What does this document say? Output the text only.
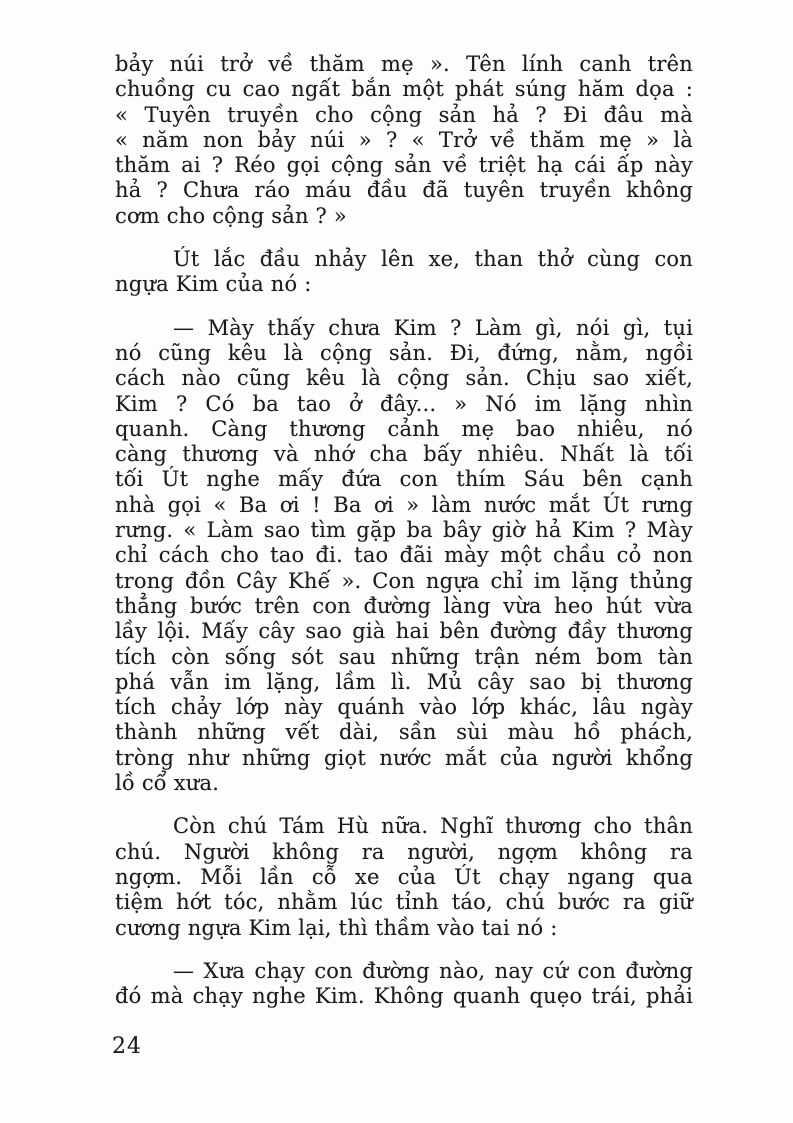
bảy núi trở về thăm mẹ ». Tên lính canh trên
chuồng cu cao ngất bắn một phát súng hăm dọa :
« Tuyên truyền cho cộng sản hả ? Đi đâu mà
« năm non bảy núi » ? « Trở về thăm mẹ » là
thăm ai ? Réo gọi cộng sản về triệt hạ cái ấp này
hả ? Chưa ráo máu đầu đã tuyên truyền không
cơm cho cộng sản ? »
Út lắc đầu nhảy lên xe, than thở cùng con
ngựa Kim của nó :
— Mày thấy chưa Kim ? Làm gì, nói gì, tụi
nó cũng kêu là cộng sản. Đi, đứng, nằm, ngồi
cách nào cũng kêu là cộng sản. Chịu sao xiết,
Kim ? Có ba tao ở đây... » Nó im lặng nhìn
quanh. Càng thương cảnh mẹ bao nhiêu, nó
càng thương và nhớ cha bấy nhiêu. Nhất là tối
tối Út nghe mấy đứa con thím Sáu bên cạnh
nhà gọi « Ba ơi ! Ba ơi » làm nước mắt Út rưng
rưng. « Làm sao tìm gặp ba bây giờ hả Kim ? Mày
chỉ cách cho tao đi. tao đãi mày một chầu cỏ non
trong đồn Cây Khế ». Con ngựa chỉ im lặng thủng
thẳng bước trên con đường làng vừa heo hút vừa
lầy lội. Mấy cây sao già hai bên đường đầy thương
tích còn sống sót sau những trận ném bom tàn
phá vẫn im lặng, lầm lì. Mủ cây sao bị thương
tích chảy lớp này quánh vào lớp khác, lâu ngày
thành những vết dài, sần sùi màu hồ phách,
tròng như những giọt nước mắt của người khổng
lồ cổ xưa.
Còn chú Tám Hù nữa. Nghĩ thương cho thân
chú. Người không ra người, ngợm không ra
ngợm. Mỗi lần cỗ xe của Út chạy ngang qua
tiệm hớt tóc, nhằm lúc tỉnh táo, chú bước ra giữ
cương ngựa Kim lại, thì thầm vào tai nó :
— Xưa chạy con đường nào, nay cứ con đường
đó mà chạy nghe Kim. Không quanh quẹo trái, phải
24
